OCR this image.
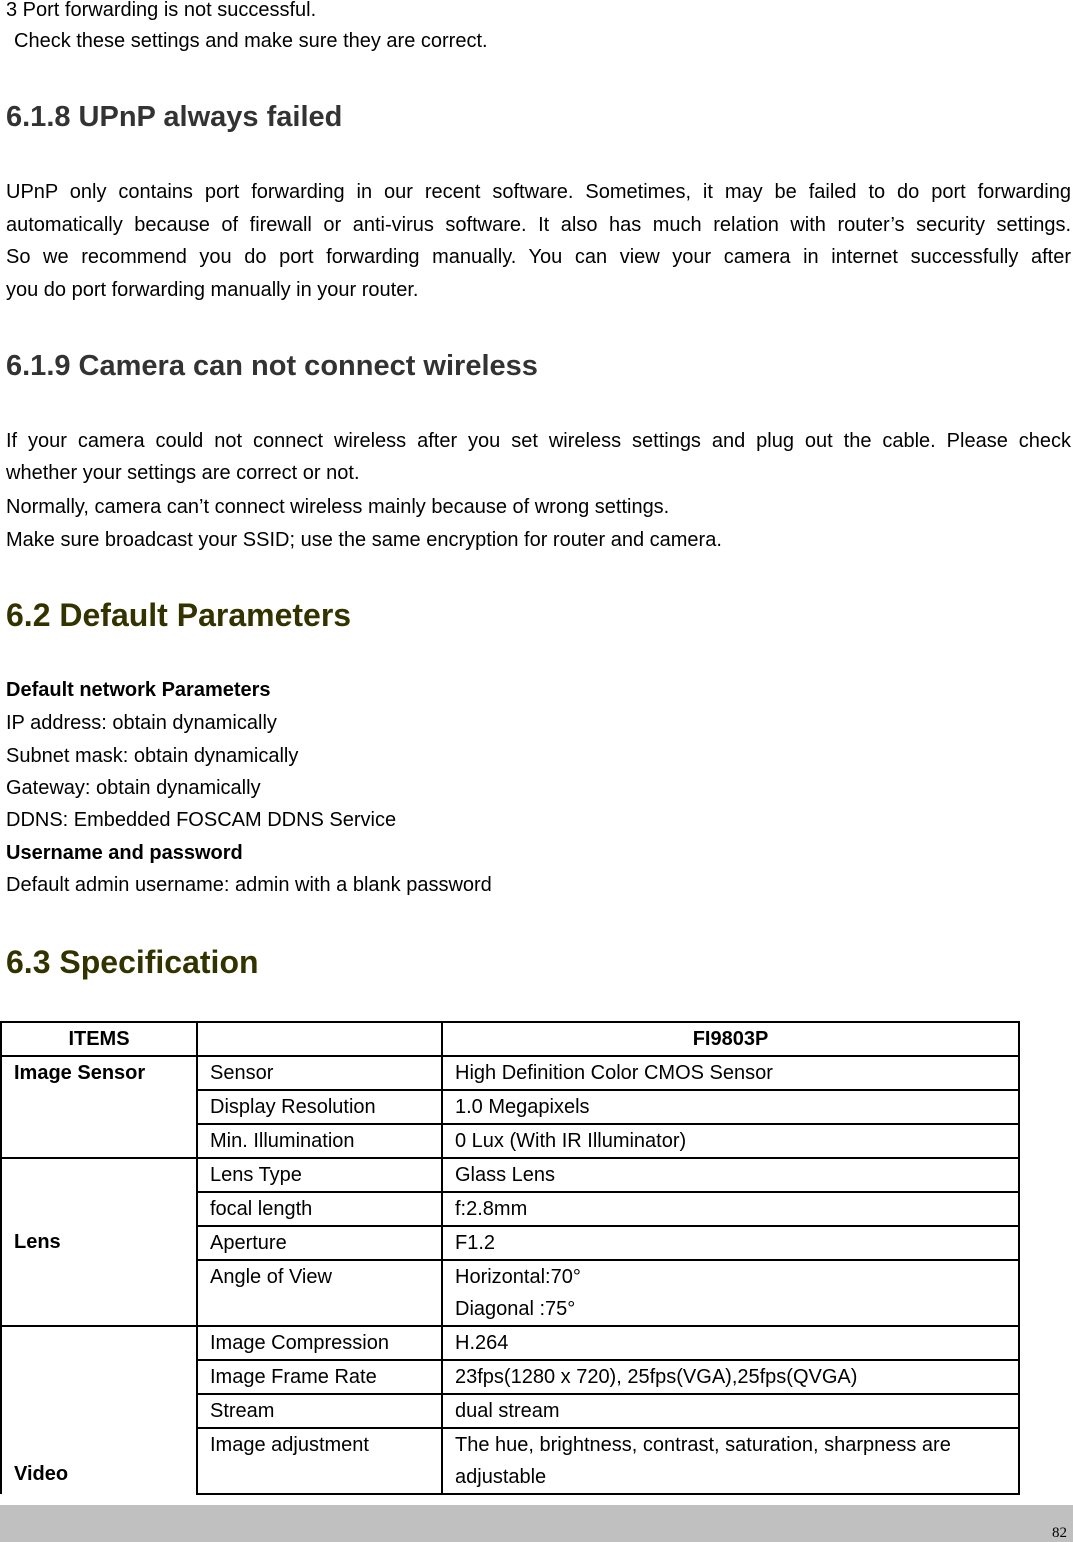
3 Port forwarding is not successful.
Check these settings and make sure they are correct.
6.1.8 UPnP always failed
UPnP only contains port forwarding in our recent software. Sometimes, it may be failed to do port forwarding
automatically because of firewall or anti-virus software. It also has much relation with router’s security settings.
So we recommend you do port forwarding manually. You can view your camera in internet successfully after
you do port forwarding manually in your router.
6.1.9 Camera can not connect wireless
If your camera could not connect wireless after you set wireless settings and plug out the cable. Please check
whether your settings are correct or not.
Normally, camera can’t connect wireless mainly because of wrong settings.
Make sure broadcast your SSID; use the same encryption for router and camera.
6.2 Default Parameters
Default network Parameters
IP address: obtain dynamically
Subnet mask: obtain dynamically
Gateway: obtain dynamically
DDNS: Embedded FOSCAM DDNS Service
Username and password
Default admin username: admin with a blank password
6.3 Specification
ITEMS		FI9803P
Image Sensor	Sensor	High Definition Color CMOS Sensor
	Display Resolution	1.0 Megapixels
	Min. Illumination	0 Lux (With IR Illuminator)
Lens	Lens Type	Glass Lens
	focal length	f:2.8mm
	Aperture	F1.2
	Angle of View	Horizontal:70°
Diagonal :75°

Video	Image Compression	H.264
	Image Frame Rate	23fps(1280 x 720), 25fps(VGA),25fps(QVGA)
	Stream	dual stream
	Image adjustment	The hue, brightness, contrast, saturation, sharpness are
adjustable
82
